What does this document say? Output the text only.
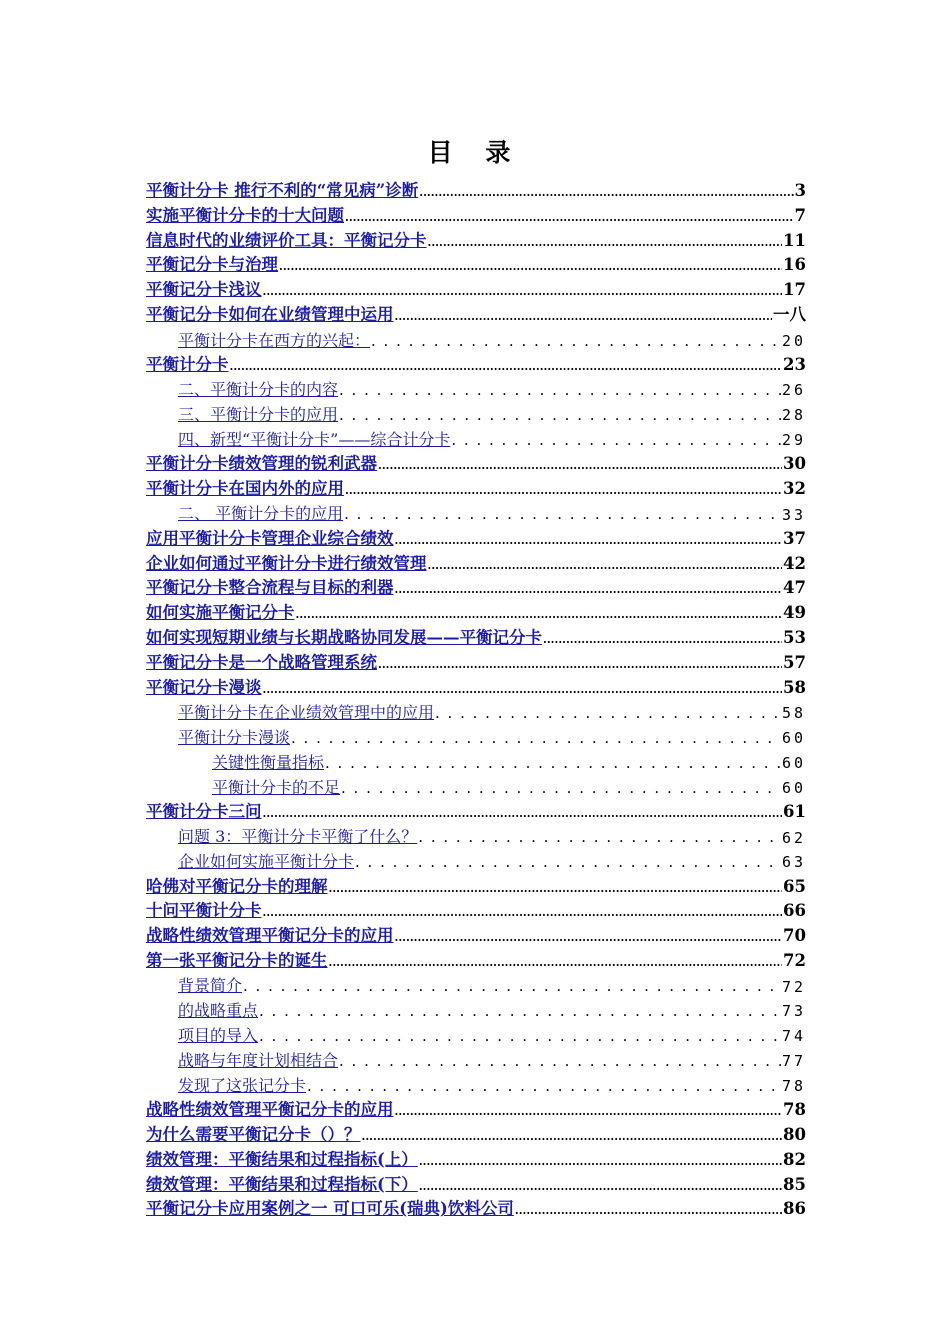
目 录
平衡计分卡 推行不利的“常见病”诊断 .....	3
实施平衡计分卡的十大问题 .....	7
信息时代的业绩评价工具：平衡记分卡 .....	11
平衡记分卡与治理 .....	16
平衡记分卡浅议 .....	17
平衡记分卡如何在业绩管理中运用 .....	一八
平衡计分卡在西方的兴起： . . .	20
平衡计分卡 .....	23
二、平衡计分卡的内容 . . .	26
三、平衡计分卡的应用 . . .	28
四、新型“平衡计分卡”——综合计分卡 . . .	29
平衡计分卡绩效管理的锐利武器 .....	30
平衡计分卡在国内外的应用 .....	32
二、 平衡计分卡的应用 . . .	33
应用平衡计分卡管理企业综合绩效 .....	37
企业如何通过平衡计分卡进行绩效管理 .....	42
平衡记分卡整合流程与目标的利器 .....	47
如何实施平衡记分卡 .....	49
如何实现短期业绩与长期战略协同发展——平衡记分卡 .....	53
平衡记分卡是一个战略管理系统 .....	57
平衡记分卡漫谈 .....	58
平衡计分卡在企业绩效管理中的应用 . . .	58
平衡计分卡漫谈 . . .	60
关键性衡量指标 . . .	60
平衡计分卡的不足 . . .	60
平衡计分卡三问 .....	61
问题 3：平衡计分卡平衡了什么？ . . .	62
企业如何实施平衡计分卡 . . .	63
哈佛对平衡记分卡的理解 .....	65
十问平衡计分卡 .....	66
战略性绩效管理平衡记分卡的应用 .....	70
第一张平衡记分卡的诞生 .....	72
背景简介 . . .	72
的战略重点 . . .	73
项目的导入 . . .	74
战略与年度计划相结合 . . .	77
发现了这张记分卡 . . .	78
战略性绩效管理平衡记分卡的应用 .....	78
为什么需要平衡记分卡（）？ .....	80
绩效管理：平衡结果和过程指标(上） .....	82
绩效管理：平衡结果和过程指标(下） .....	85
平衡记分卡应用案例之一 可口可乐(瑞典)饮料公司 .....	86
